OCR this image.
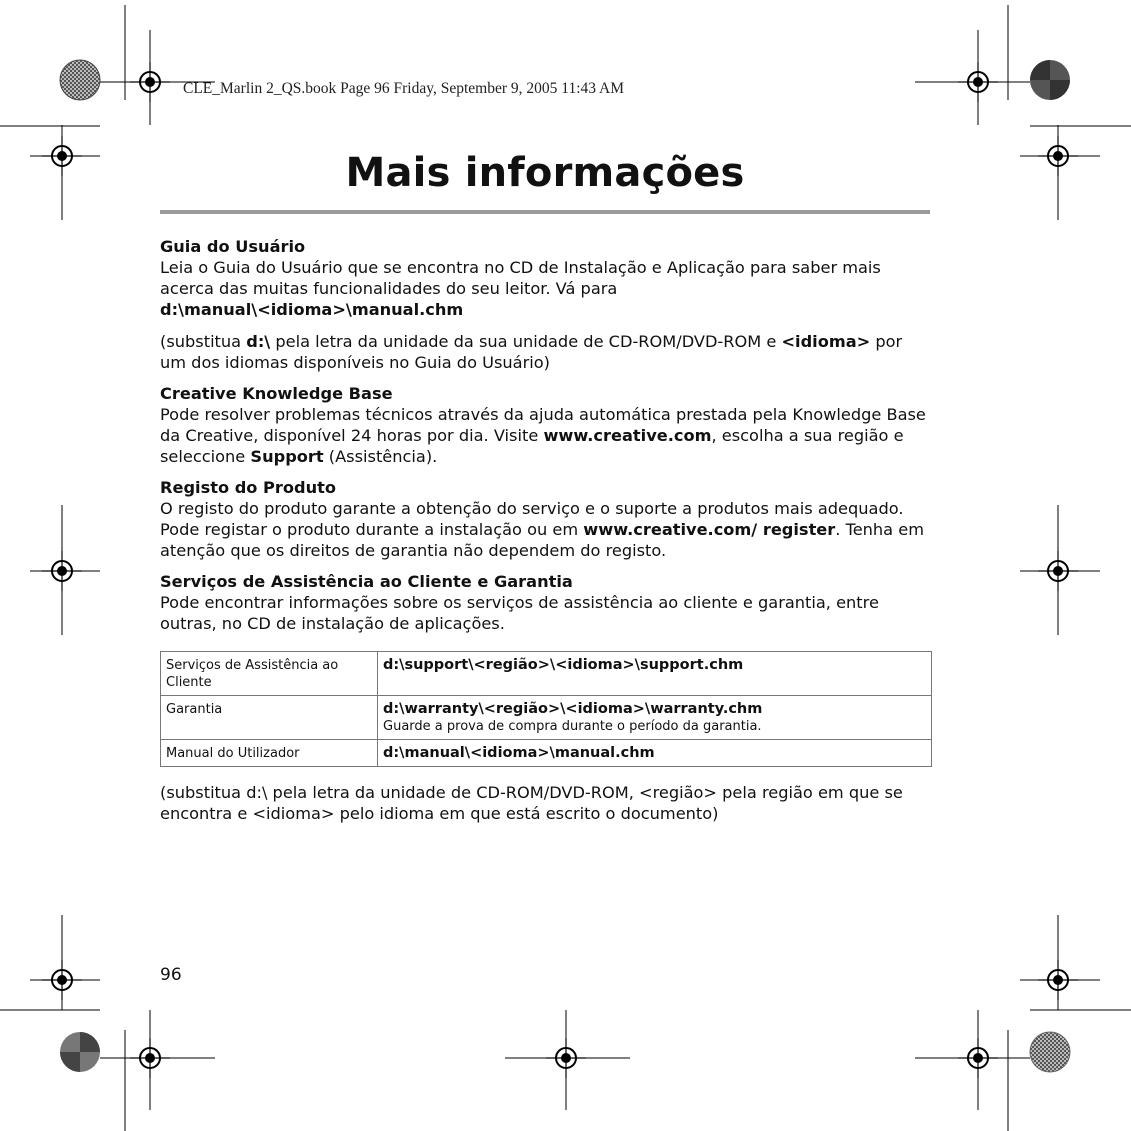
CLE_Marlin 2_QS.book Page 96 Friday, September 9, 2005 11:43 AM
Mais informações
Guia do Usuário

Leia o Guia do Usuário que se encontra no CD de Instalação e Aplicação para saber mais acerca das muitas funcionalidades do seu leitor. Vá para
d:\manual\<idioma>\manual.chm

(substitua d:\ pela letra da unidade da sua unidade de CD-ROM/DVD-ROM e <idioma> por um dos idiomas disponíveis no Guia do Usuário)

Creative Knowledge Base

Pode resolver problemas técnicos através da ajuda automática prestada pela Knowledge Base da Creative, disponível 24 horas por dia. Visite www.creative.com, escolha a sua região e seleccione Support (Assistência).

Registo do Produto

O registo do produto garante a obtenção do serviço e o suporte a produtos mais adequado. Pode registar o produto durante a instalação ou em www.creative.com/ register. Tenha em atenção que os direitos de garantia não dependem do registo.

Serviços de Assistência ao Cliente e Garantia

Pode encontrar informações sobre os serviços de assistência ao cliente e garantia, entre outras, no CD de instalação de aplicações.

Serviços de Assistência ao Cliente	d:\support\<região>\<idioma>\support.chm
Garantia	d:\warranty\<região>\<idioma>\warranty.chm
Guarde a prova de compra durante o período da garantia.
Manual do Utilizador	d:\manual\<idioma>\manual.chm

(substitua d:\ pela letra da unidade de CD-ROM/DVD-ROM, <região> pela região em que se encontra e <idioma> pelo idioma em que está escrito o documento)

96
